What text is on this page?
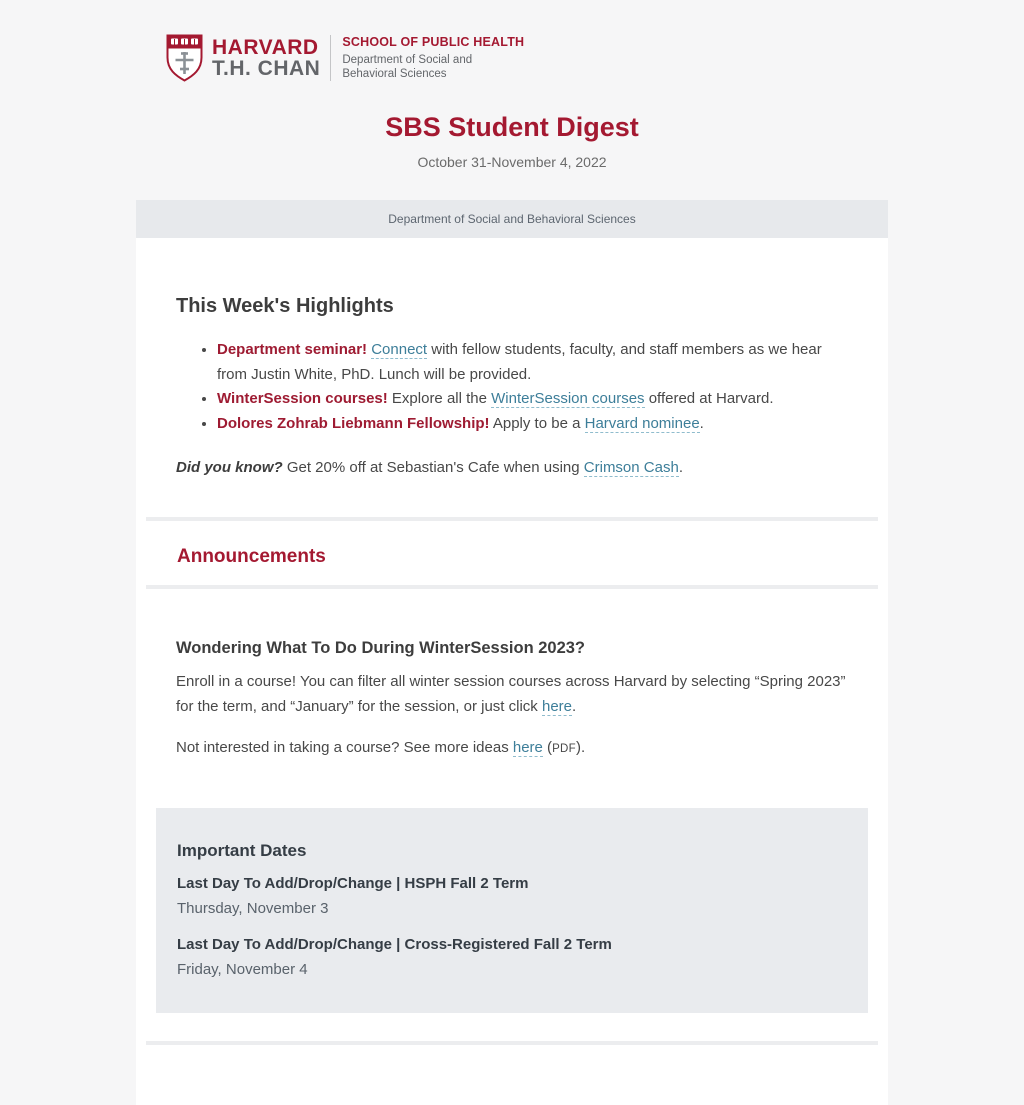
HARVARD
T.H. CHAN
SCHOOL OF PUBLIC HEALTH
Department of Social and
Behavioral Sciences
SBS Student Digest
October 31-November 4, 2022
Department of Social and Behavioral Sciences
This Week's Highlights
• Department seminar! Connect with fellow students, faculty, and staff members as we hear from Justin White, PhD. Lunch will be provided.
• WinterSession courses! Explore all the WinterSession courses offered at Harvard.
• Dolores Zohrab Liebmann Fellowship! Apply to be a Harvard nominee.

Did you know? Get 20% off at Sebastian's Cafe when using Crimson Cash.

Announcements
Wondering What To Do During WinterSession 2023?

Enroll in a course! You can filter all winter session courses across Harvard by selecting “Spring 2023” for the term, and “January” for the session, or just click here.

Not interested in taking a course? See more ideas here (PDF).

Important Dates
Last Day To Add/Drop/Change | HSPH Fall 2 Term
Thursday, November 3
Last Day To Add/Drop/Change | Cross-Registered Fall 2 Term
Friday, November 4
